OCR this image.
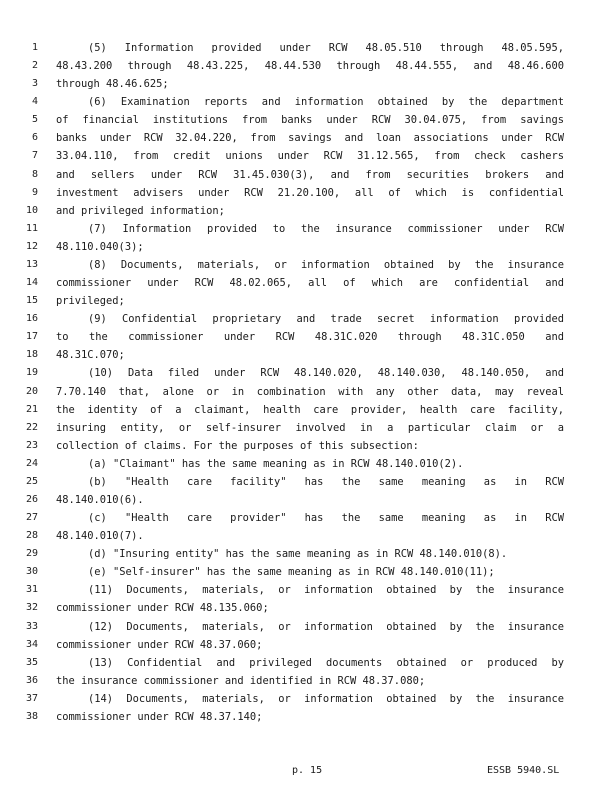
1	(5) Information provided under RCW 48.05.510 through 48.05.595,
2 48.43.200 through 48.43.225, 48.44.530 through 48.44.555, and 48.46.600
3 through 48.46.625;
4	(6) Examination reports and information obtained by the department
5 of financial institutions from banks under RCW 30.04.075, from savings
6 banks under RCW 32.04.220, from savings and loan associations under RCW
7 33.04.110, from credit unions under RCW 31.12.565, from check cashers
8 and sellers under RCW 31.45.030(3), and from securities brokers and
9 investment advisers under RCW 21.20.100, all of which is confidential
10 and privileged information;
11	(7) Information provided to the insurance commissioner under RCW
12 48.110.040(3);
13	(8) Documents, materials, or information obtained by the insurance
14 commissioner under RCW 48.02.065, all of which are confidential and
15 privileged;
16	(9) Confidential proprietary and trade secret information provided
17 to the commissioner under RCW 48.31C.020 through 48.31C.050 and
18 48.31C.070;
19	(10) Data filed under RCW 48.140.020, 48.140.030, 48.140.050, and
20 7.70.140 that, alone or in combination with any other data, may reveal
21 the identity of a claimant, health care provider, health care facility,
22 insuring entity, or self-insurer involved in a particular claim or a
23 collection of claims. For the purposes of this subsection:
24	(a) "Claimant" has the same meaning as in RCW 48.140.010(2).
25	(b) "Health care facility" has the same meaning as in RCW
26 48.140.010(6).
27	(c) "Health care provider" has the same meaning as in RCW
28 48.140.010(7).
29	(d) "Insuring entity" has the same meaning as in RCW 48.140.010(8).
30	(e) "Self-insurer" has the same meaning as in RCW 48.140.010(11);
31	(11) Documents, materials, or information obtained by the insurance
32 commissioner under RCW 48.135.060;
33	(12) Documents, materials, or information obtained by the insurance
34 commissioner under RCW 48.37.060;
35	(13) Confidential and privileged documents obtained or produced by
36 the insurance commissioner and identified in RCW 48.37.080;
37	(14) Documents, materials, or information obtained by the insurance
38 commissioner under RCW 48.37.140;
p. 15	ESSB 5940.SL
